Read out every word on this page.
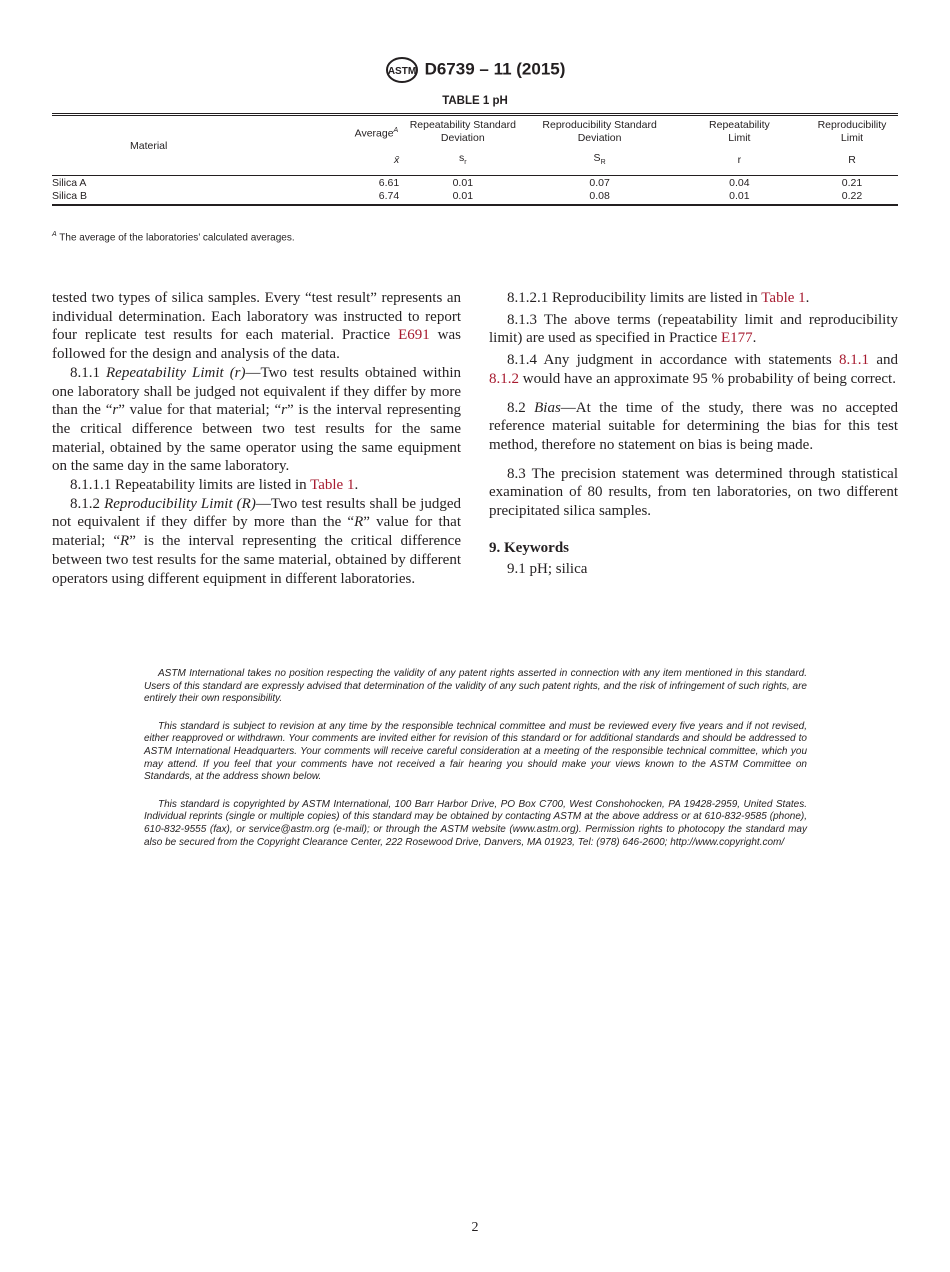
ASTM D6739 – 11 (2015)
TABLE 1 pH
Material	Average$^A$	Repeatability Standard Deviation	Reproducibility Standard Deviation	Repeatability Limit	Reproducibility Limit
	x̄	$s_r$	$S_R$	r	R
Silica A	6.61	0.01	0.07	0.04	0.21
Silica B	6.74	0.01	0.08	0.01	0.22
$^A$ The average of the laboratories’ calculated averages.

tested two types of silica samples. Every “test result” represents an individual determination. Each laboratory was instructed to report four replicate test results for each material. Practice E691 was followed for the design and analysis of the data.

8.1.1 Repeatability Limit (r)—Two test results obtained within one laboratory shall be judged not equivalent if they differ by more than the “r” value for that material; “r” is the interval representing the critical difference between two test results for the same material, obtained by the same operator using the same equipment on the same day in the same laboratory.

8.1.1.1 Repeatability limits are listed in Table 1.

8.1.2 Reproducibility Limit (R)—Two test results shall be judged not equivalent if they differ by more than the “R” value for that material; “R” is the interval representing the critical difference between two test results for the same material, obtained by different operators using different equipment in different laboratories.

8.1.2.1 Reproducibility limits are listed in Table 1.

8.1.3 The above terms (repeatability limit and reproducibility limit) are used as specified in Practice E177.

8.1.4 Any judgment in accordance with statements 8.1.1 and 8.1.2 would have an approximate 95 % probability of being correct.

8.2 Bias—At the time of the study, there was no accepted reference material suitable for determining the bias for this test method, therefore no statement on bias is being made.

8.3 The precision statement was determined through statistical examination of 80 results, from ten laboratories, on two different precipitated silica samples.

9. Keywords

9.1 pH; silica

ASTM International takes no position respecting the validity of any patent rights asserted in connection with any item mentioned in this standard. Users of this standard are expressly advised that determination of the validity of any such patent rights, and the risk of infringement of such rights, are entirely their own responsibility.

This standard is subject to revision at any time by the responsible technical committee and must be reviewed every five years and if not revised, either reapproved or withdrawn. Your comments are invited either for revision of this standard or for additional standards and should be addressed to ASTM International Headquarters. Your comments will receive careful consideration at a meeting of the responsible technical committee, which you may attend. If you feel that your comments have not received a fair hearing you should make your views known to the ASTM Committee on Standards, at the address shown below.

This standard is copyrighted by ASTM International, 100 Barr Harbor Drive, PO Box C700, West Conshohocken, PA 19428-2959, United States. Individual reprints (single or multiple copies) of this standard may be obtained by contacting ASTM at the above address or at 610-832-9585 (phone), 610-832-9555 (fax), or service@astm.org (e-mail); or through the ASTM website (www.astm.org). Permission rights to photocopy the standard may also be secured from the Copyright Clearance Center, 222 Rosewood Drive, Danvers, MA 01923, Tel: (978) 646-2600; http://www.copyright.com/

2
